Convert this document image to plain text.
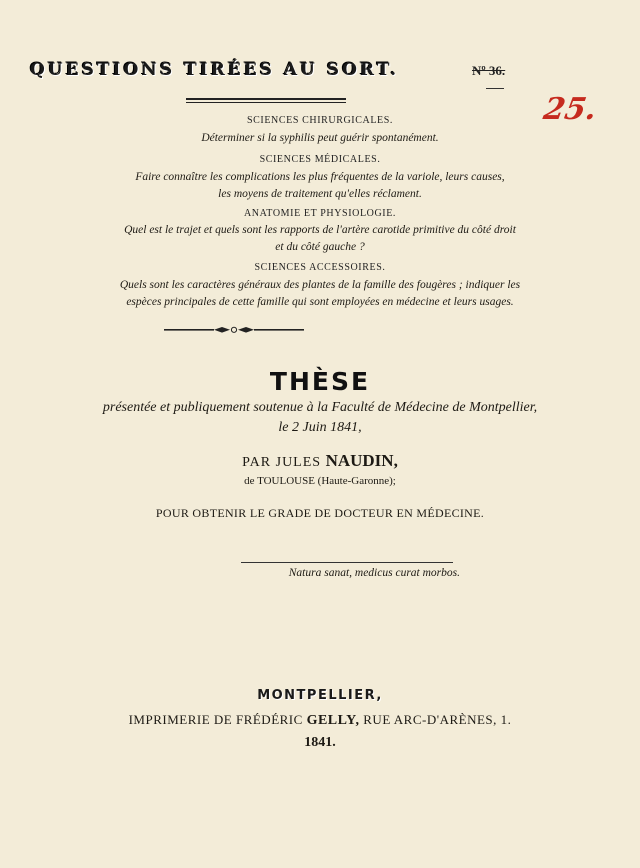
QUESTIONS TIRÉES AU SORT.	Nº 36.
25.
SCIENCES CHIRURGICALES.
Déterminer si la syphilis peut guérir spontanément.
SCIENCES MÉDICALES.
Faire connaître les complications les plus fréquentes de la variole, leurs causes,
les moyens de traitement qu'elles réclament.
ANATOMIE ET PHYSIOLOGIE.
Quel est le trajet et quels sont les rapports de l'artère carotide primitive du côté droit
et du côté gauche ?
SCIENCES ACCESSOIRES.
Quels sont les caractères généraux des plantes de la famille des fougères ; indiquer les
espèces principales de cette famille qui sont employées en médecine et leurs usages.
THÈSE
présentée et publiquement soutenue à la Faculté de Médecine de Montpellier,
le 2 Juin 1841,
PAR JULES NAUDIN,
de TOULOUSE (Haute-Garonne);
POUR OBTENIR LE GRADE DE DOCTEUR EN MÉDECINE.
Natura sanat, medicus curat morbos.
MONTPELLIER,
IMPRIMERIE DE FRÉDÉRIC GELLY, RUE ARC-D'ARÈNES, 1.
1841.
